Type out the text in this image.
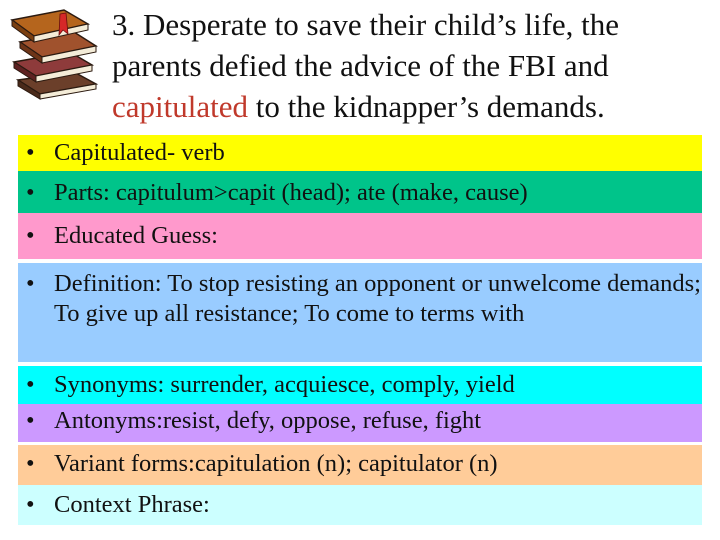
3. Desperate to save their child’s life, the parents defied the advice of the FBI and capitulated to the kidnapper’s demands.
• Capitulated- verb
• Parts: capitulum>capit (head); ate (make, cause)
• Educated Guess:
• Definition: To stop resisting an opponent or unwelcome demands; To give up all resistance; To come to terms with
• Synonyms: surrender, acquiesce, comply, yield
• Antonyms:resist, defy, oppose, refuse, fight
• Variant forms:capitulation (n); capitulator (n)
• Context Phrase:
